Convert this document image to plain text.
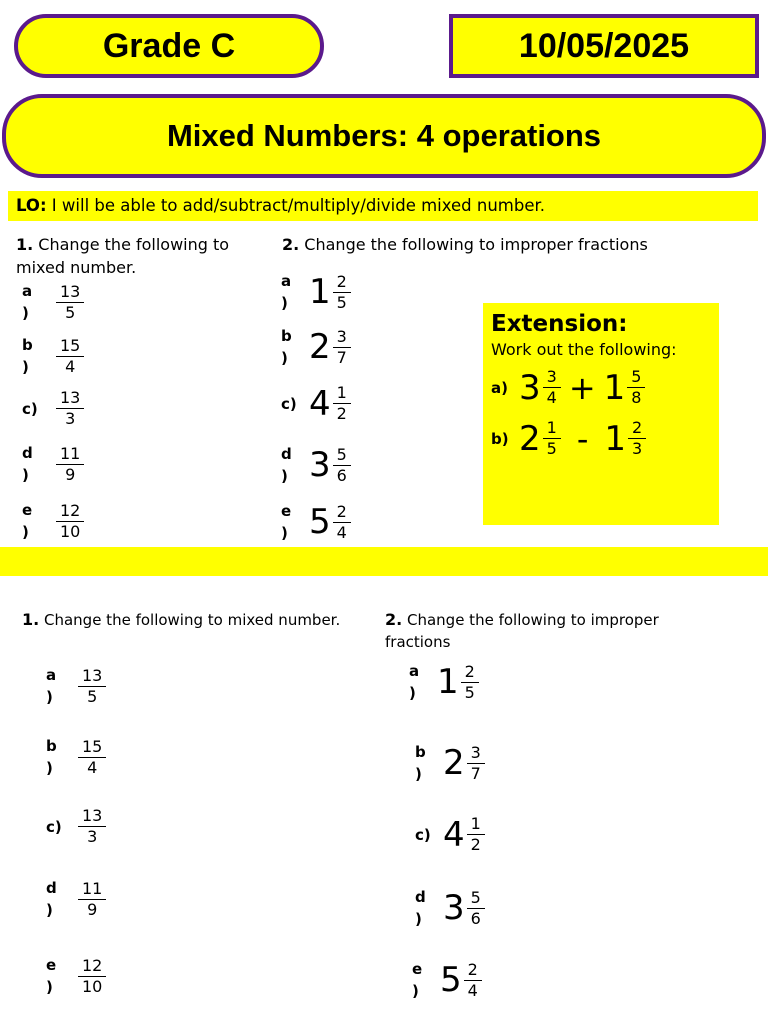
Grade C	10/05/2025
Mixed Numbers: 4 operations
LO: I will be able to add/subtract/multiply/divide mixed number.
1. Change the following to mixed number.
a )	$\frac{13}{5}$
b )	$\frac{15}{4}$
$c) \frac{13}{3}$
d )	$\frac{11}{9}$
e )	$\frac{12}{10}$
2. Change the following to improper fractions
a ) $1 \frac{2}{5}$
b ) $2 \frac{3}{7}$
c) $4 \frac{1}{2}$
d ) $3 \frac{5}{6}$
e ) $5 \frac{2}{4}$
Extension:
Work out the following:
a) $3 \frac{3}{4} + 1 \frac{5}{8}$
b) $2 \frac{1}{5} - 1 \frac{2}{3}$
1. Change the following to mixed number.
a )	$\frac{13}{5}$
b )	$\frac{15}{4}$
$c) \frac{13}{3}$
d )	$\frac{11}{9}$
e )	$\frac{12}{10}$
2. Change the following to improper fractions
a ) $1 \frac{2}{5}$
b ) $2 \frac{3}{7}$
c) $4 \frac{1}{2}$
d ) $3 \frac{5}{6}$
e ) $5 \frac{2}{4}$
